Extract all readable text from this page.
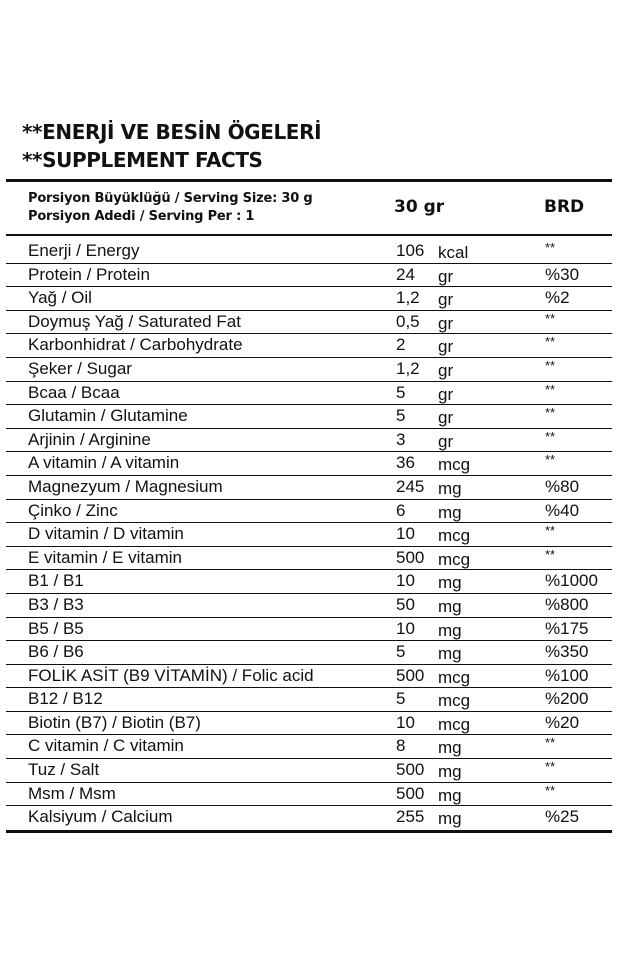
**ENERJİ VE BESİN ÖGELERİ
**SUPPLEMENT FACTS
Porsiyon Büyüklüğü / Serving Size: 30 g
Porsiyon Adedi / Serving Per : 1	30 gr	BRD
Enerji / Energy	106 kcal	**
Protein / Protein	24 gr	%30
Yağ / Oil	1,2 gr	%2
Doymuş Yağ / Saturated Fat	0,5 gr	**
Karbonhidrat / Carbohydrate	2 gr	**
Şeker / Sugar	1,2 gr	**
Bcaa / Bcaa	5 gr	**
Glutamin / Glutamine	5 gr	**
Arjinin / Arginine	3 gr	**
A vitamin / A vitamin	36 mcg	**
Magnezyum / Magnesium	245 mg	%80
Çinko / Zinc	6 mg	%40
D vitamin / D vitamin	10 mcg	**
E vitamin / E vitamin	500 mcg	**
B1 / B1	10 mg	%1000
B3 / B3	50 mg	%800
B5 / B5	10 mg	%175
B6 / B6	5 mg	%350
FOLİK ASİT (B9 VİTAMİN) / Folic acid	500 mcg	%100
B12 / B12	5 mcg	%200
Biotin (B7) / Biotin (B7)	10 mcg	%20
C vitamin / C vitamin	8 mg	**
Tuz / Salt	500 mg	**
Msm / Msm	500 mg	**
Kalsiyum / Calcium	255 mg	%25
